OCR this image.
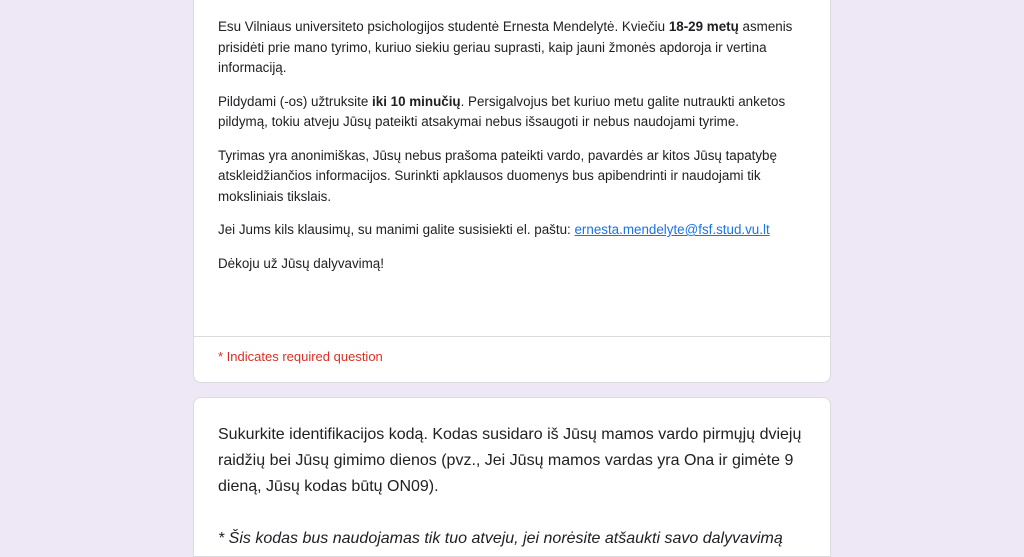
Esu Vilniaus universiteto psichologijos studentė Ernesta Mendelytė. Kviečiu 18-29 metų asmenis prisidėti prie mano tyrimo, kuriuo siekiu geriau suprasti, kaip jauni žmonės apdoroja ir vertina informaciją.

Pildydami (-os) užtruksite iki 10 minučių. Persigalvojus bet kuriuo metu galite nutraukti anketos pildymą, tokiu atveju Jūsų pateikti atsakymai nebus išsaugoti ir nebus naudojami tyrime.

Tyrimas yra anonimiškas, Jūsų nebus prašoma pateikti vardo, pavardės ar kitos Jūsų tapatybę atskleidžiančios informacijos. Surinkti apklausos duomenys bus apibendrinti ir naudojami tik moksliniais tikslais.

Jei Jums kils klausimų, su manimi galite susisiekti el. paštu: ernesta.mendelyte@fsf.stud.vu.lt

Dėkoju už Jūsų dalyvavimą!

* Indicates required question

Sukurkite identifikacijos kodą. Kodas susidaro iš Jūsų mamos vardo pirmųjų dviejų raidžių bei Jūsų gimimo dienos (pvz., Jei Jūsų mamos vardas yra Ona ir gimėte 9 dieną, Jūsų kodas būtų ON09).

* Šis kodas bus naudojamas tik tuo atveju, jei norėsite atšaukti savo dalyvavimą
